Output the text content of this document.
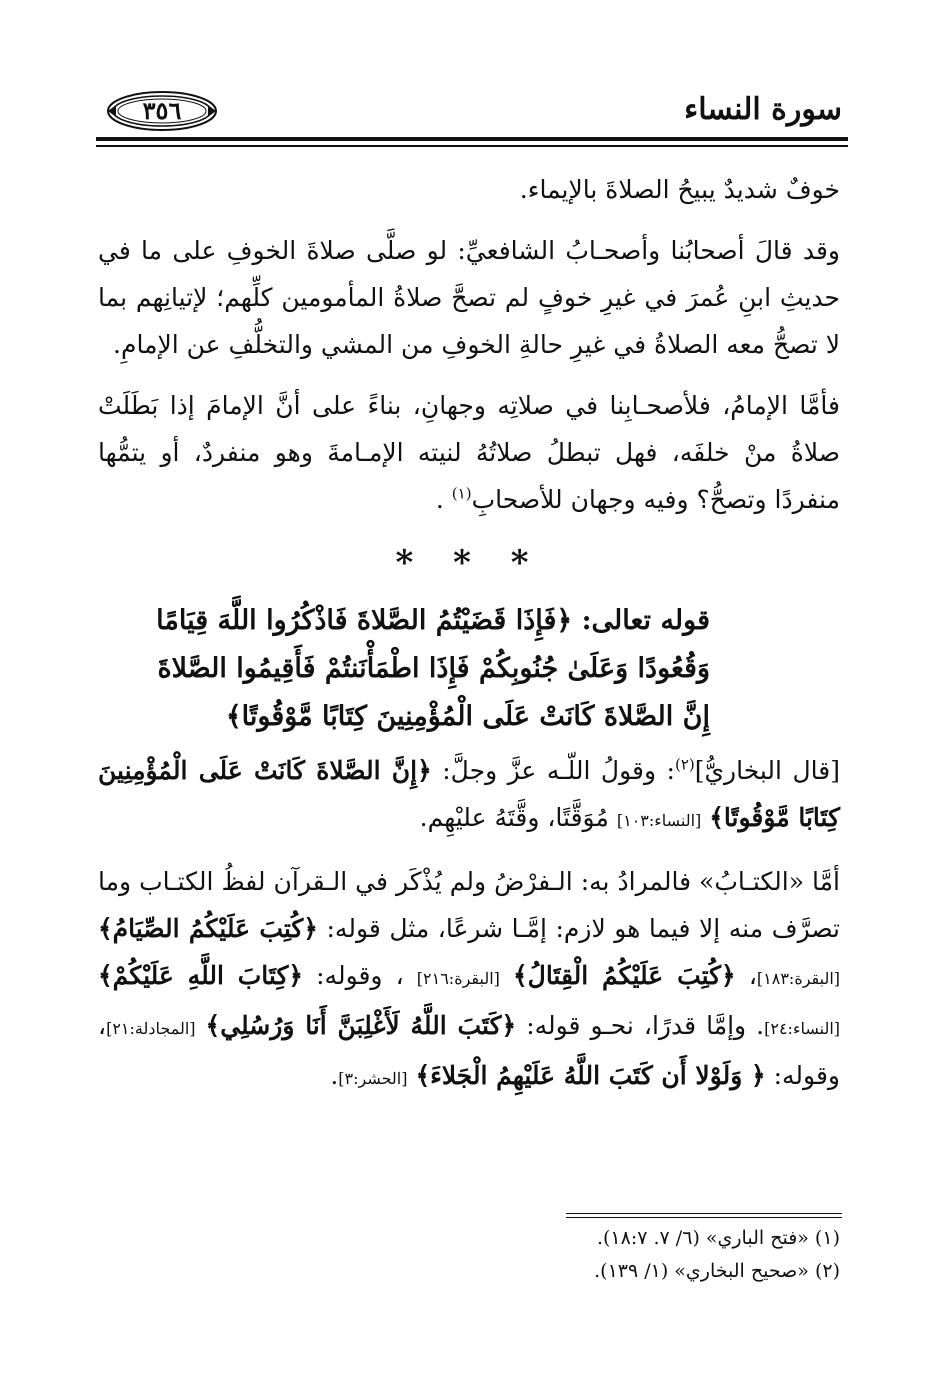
سورة النساء
٣٥٦

خوفٌ شديدٌ يبيحُ الصلاةَ بالإيماء.

وقد قالَ أصحابُنا وأصحـابُ الشافعيِّ: لو صلَّى صلاةَ الخوفِ على ما في حديثِ ابنِ عُمرَ في غيرِ خوفٍ لم تصحَّ صلاةُ المأمومين كلِّهم؛ لإتيانِهم بما لا تصحُّ معه الصلاةُ في غيرِ حالةِ الخوفِ من المشي والتخلُّفِ عن الإمامِ.

فأمَّا الإمامُ، فلأصحـابِنا في صلاتِه وجهانِ، بناءً على أنَّ الإمامَ إذا بَطَلَتْ صلاةُ منْ خلفَه، فهل تبطلُ صلاتُهُ لنيته الإمـامةَ وهو منفردٌ، أو يتمُّها منفردًا وتصحُّ؟ وفيه وجهان للأصحابِ$^{(١)}$ .

* * *

قوله تعالى: ﴿فَإِذَا قَضَيْتُمُ الصَّلاةَ فَاذْكُرُوا اللَّهَ قِيَامًا
وَقُعُودًا وَعَلَىٰ جُنُوبِكُمْ فَإِذَا اطْمَأْنَنتُمْ فَأَقِيمُوا الصَّلاةَ
إِنَّ الصَّلاةَ كَانَتْ عَلَى الْمُؤْمِنِينَ كِتَابًا مَّوْقُوتًا﴾

[قال البخاريُّ]$^{(٢)}$: وقولُ اللّـه عزَّ وجلَّ: ﴿إِنَّ الصَّلاةَ كَانَتْ عَلَى الْمُؤْمِنِينَ كِتَابًا مَّوْقُوتًا﴾ [النساء:١٠٣] مُوَقَّتًا، وقَّتَهُ عليْهِم.

أمَّا «الكتـابُ» فالمرادُ به: الـفرْضُ ولم يُذْكَر في الـقرآن لفظُ الكتـاب وما تصرَّف منه إلا فيما هو لازم: إمَّـا شرعًا، مثل قوله: ﴿كُتِبَ عَلَيْكُمُ الصِّيَامُ﴾ [البقرة:١٨٣]، ﴿كُتِبَ عَلَيْكُمُ الْقِتَالُ﴾ [البقرة:٢١٦] ، وقوله: ﴿كِتَابَ اللَّهِ عَلَيْكُمْ﴾ [النساء:٢٤]. وإمَّا قدرًا، نحـو قوله: ﴿كَتَبَ اللَّهُ لَأَغْلِبَنَّ أَنَا وَرُسُلِي﴾ [المجادلة:٢١]، وقوله: ﴿ وَلَوْلا أَن كَتَبَ اللَّهُ عَلَيْهِمُ الْجَلاءَ﴾ [الحشر:٣].

(١) «فتح الباري» (٦/ ٧. ١٨:٧).
(٢) «صحيح البخاري» (١/ ١٣٩).
